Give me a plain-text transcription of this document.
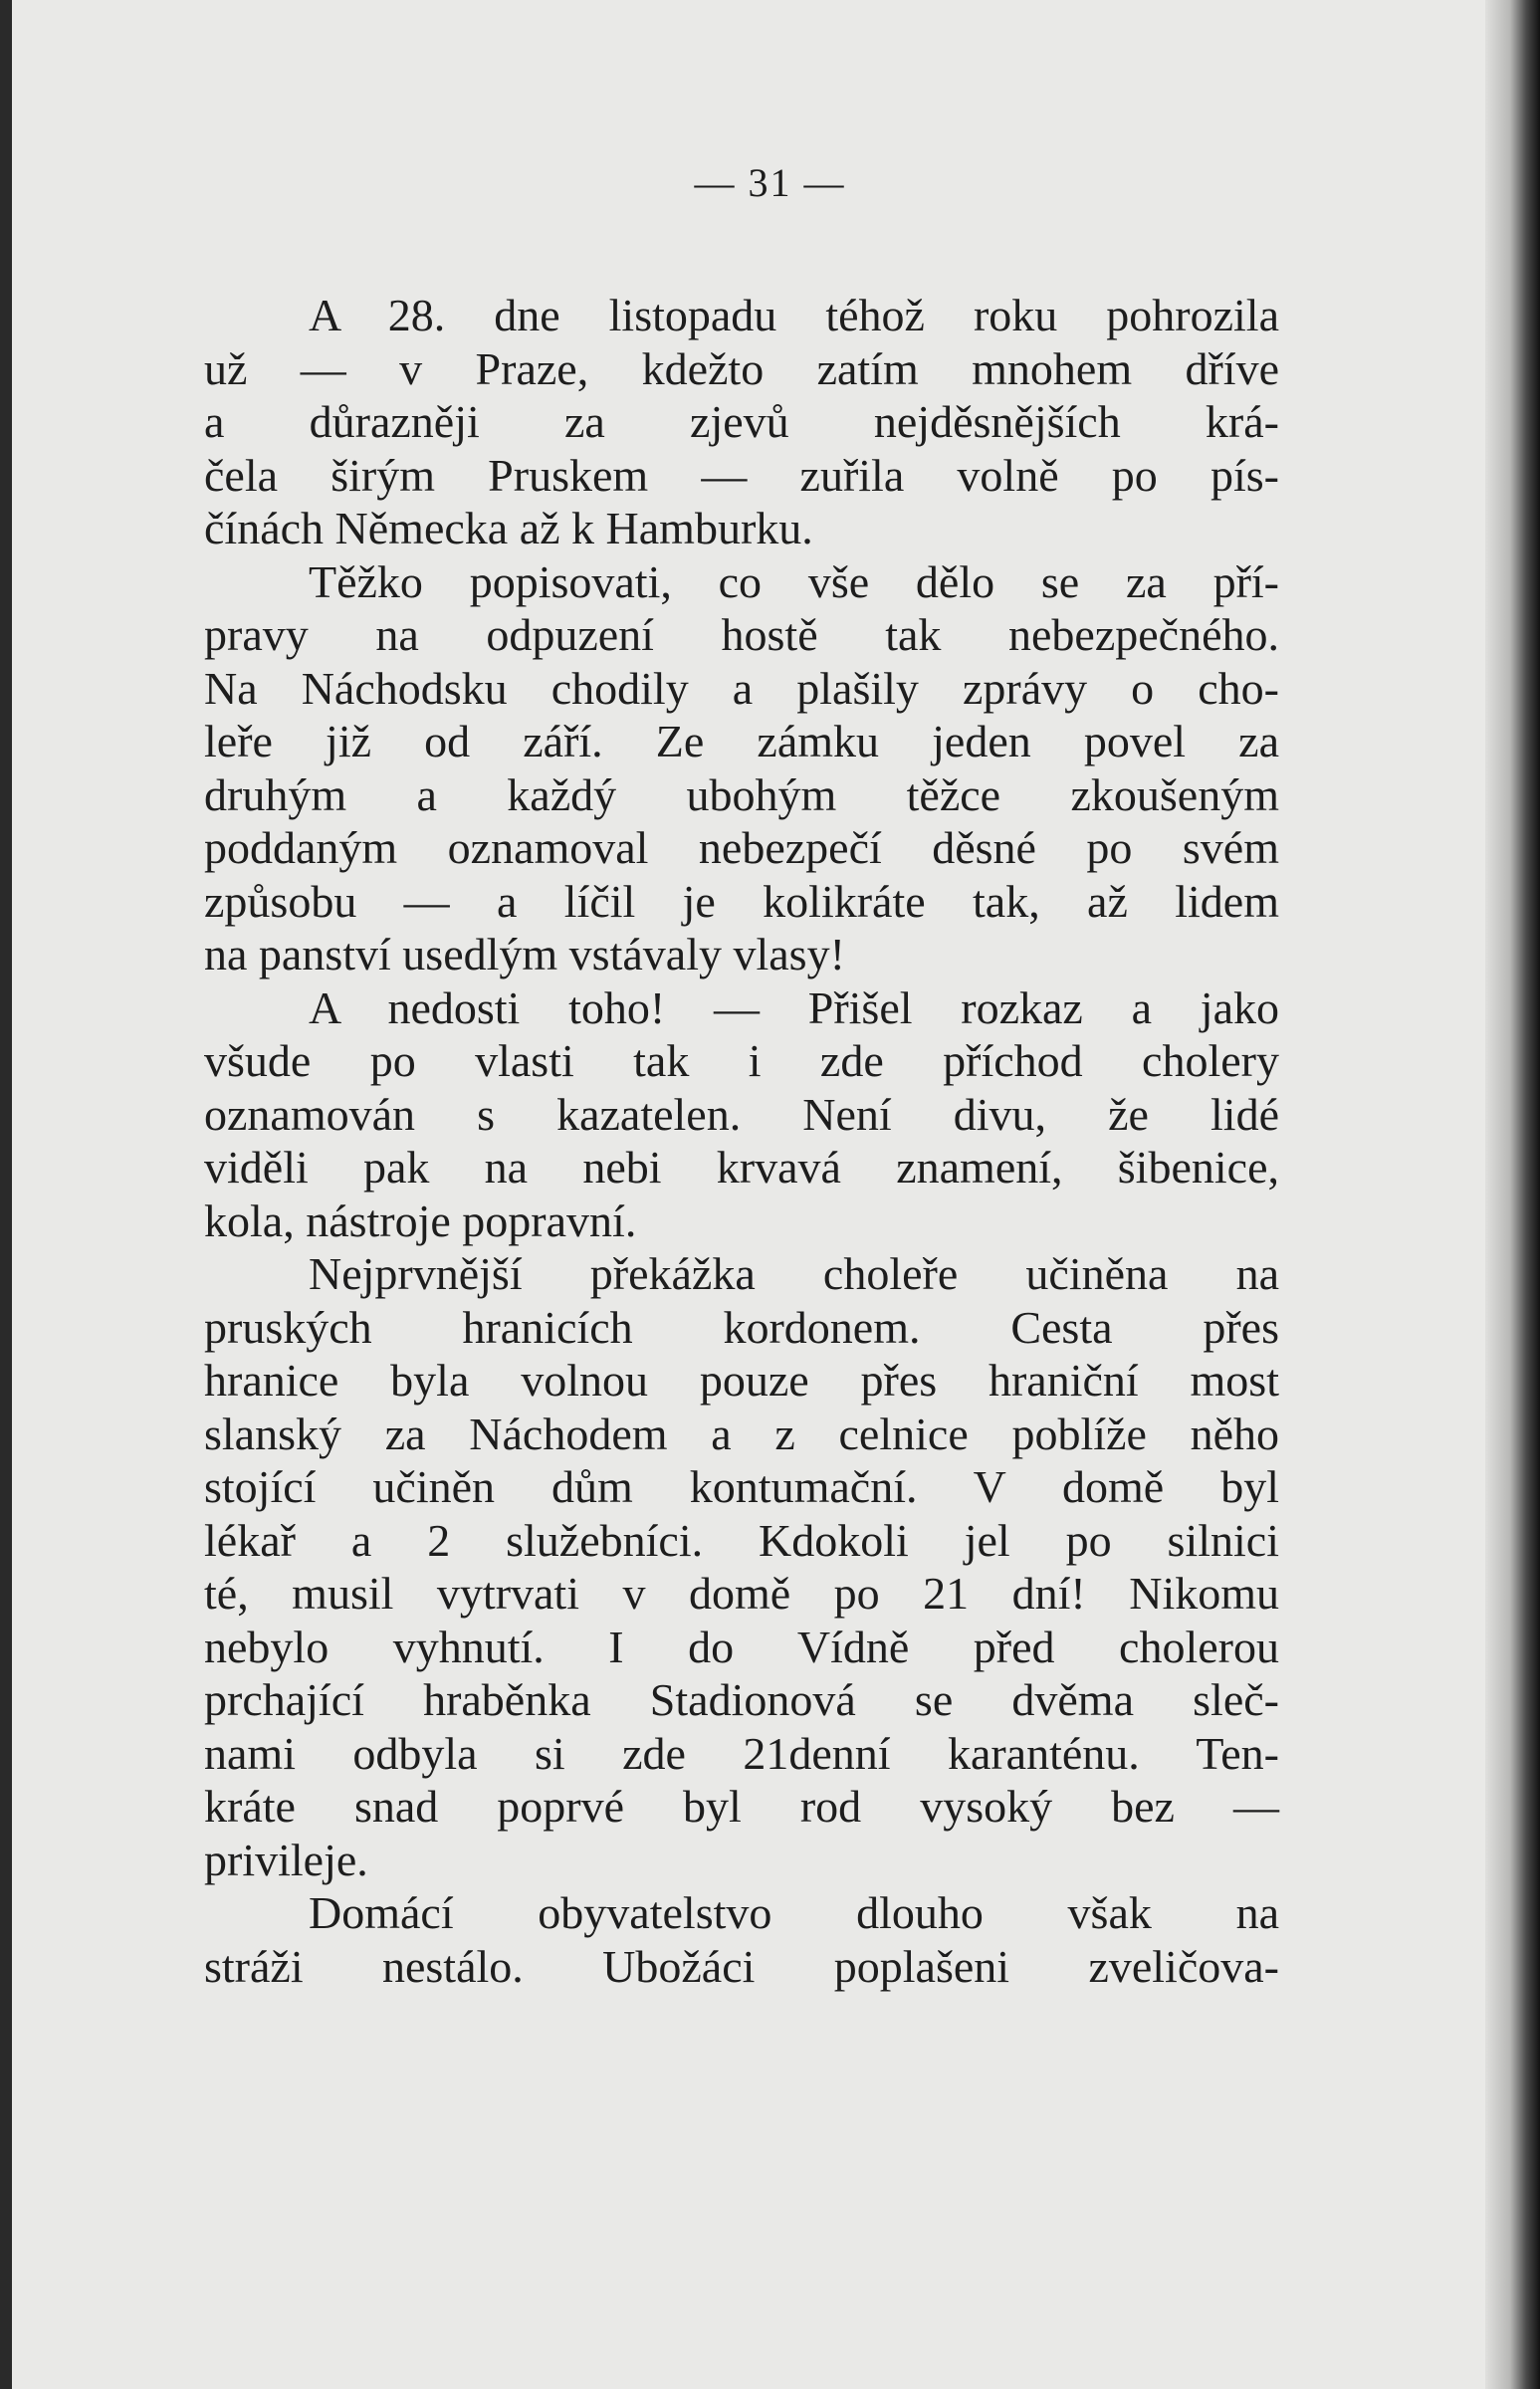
— 31 —
A 28. dne listopadu téhož roku pohrozila
už — v Praze, kdežto zatím mnohem dříve
a důrazněji za zjevů nejděsnějších krá-
čela širým Pruskem — zuřila volně po pís-
čínách Německa až k Hamburku.
Těžko popisovati, co vše dělo se za pří-
pravy na odpuzení hostě tak nebezpečného.
Na Náchodsku chodily a plašily zprávy o cho-
leře již od září. Ze zámku jeden povel za
druhým a každý ubohým těžce zkoušeným
poddaným oznamoval nebezpečí děsné po svém
způsobu — a líčil je kolikráte tak, až lidem
na panství usedlým vstávaly vlasy!
A nedosti toho! — Přišel rozkaz a jako
všude po vlasti tak i zde příchod cholery
oznamován s kazatelen. Není divu, že lidé
viděli pak na nebi krvavá znamení, šibenice,
kola, nástroje popravní.
Nejprvnější překážka choleře učiněna na
pruských hranicích kordonem. Cesta přes
hranice byla volnou pouze přes hraniční most
slanský za Náchodem a z celnice poblíže něho
stojící učiněn dům kontumační. V domě byl
lékař a 2 služebníci. Kdokoli jel po silnici
té, musil vytrvati v domě po 21 dní! Nikomu
nebylo vyhnutí. I do Vídně před cholerou
prchající hraběnka Stadionová se dvěma sleč-
nami odbyla si zde 21denní karanténu. Ten-
kráte snad poprvé byl rod vysoký bez —
privileje.
Domácí obyvatelstvo dlouho však na
stráži nestálo. Ubožáci poplašeni zveličova-
